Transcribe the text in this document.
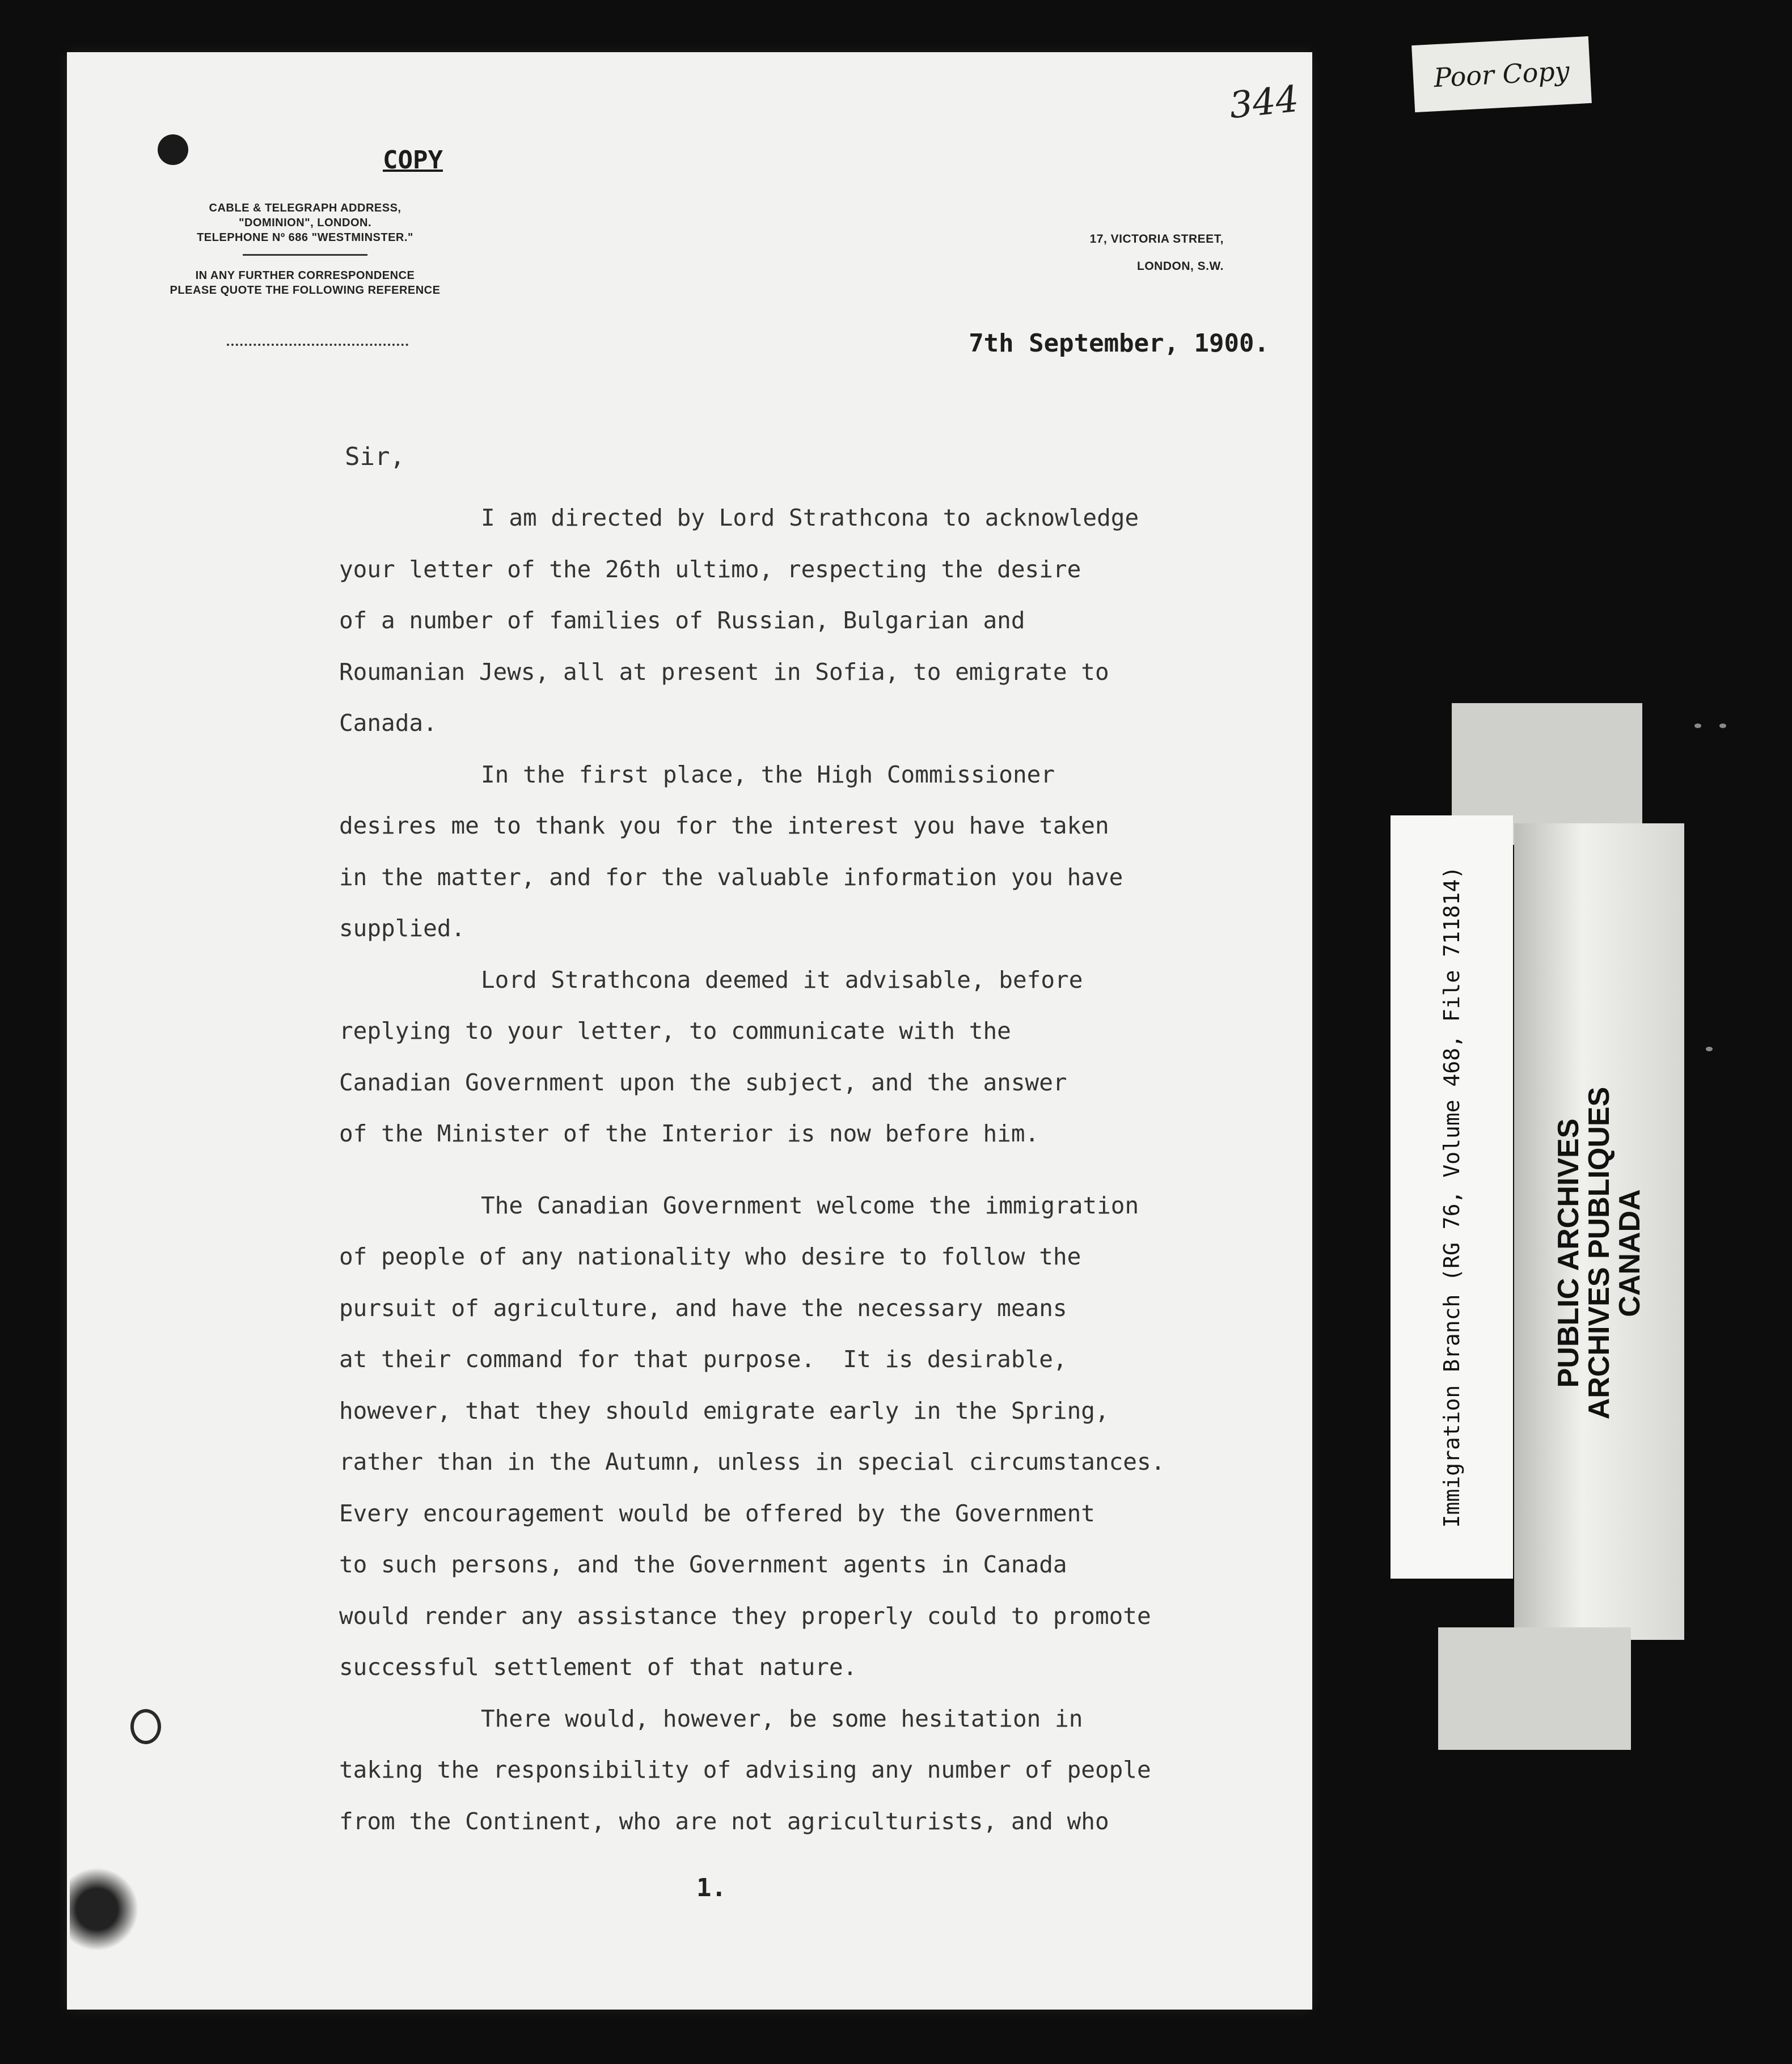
344
COPY
CABLE & TELEGRAPH ADDRESS,
"DOMINION", LONDON.
TELEPHONE Nº 686 "WESTMINSTER."
IN ANY FURTHER CORRESPONDENCE
PLEASE QUOTE THE FOLLOWING REFERENCE
17, VICTORIA STREET,
LONDON, S.W.
7th September, 1900.
Sir,
I am directed by Lord Strathcona to acknowledge
your letter of the 26th ultimo, respecting the desire
of a number of families of Russian, Bulgarian and
Roumanian Jews, all at present in Sofia, to emigrate to
Canada.
In the first place, the High Commissioner
desires me to thank you for the interest you have taken
in the matter, and for the valuable information you have
supplied.
Lord Strathcona deemed it advisable, before
replying to your letter, to communicate with the
Canadian Government upon the subject, and the answer
of the Minister of the Interior is now before him.
The Canadian Government welcome the immigration
of people of any nationality who desire to follow the
pursuit of agriculture, and have the necessary means
at their command for that purpose.  It is desirable,
however, that they should emigrate early in the Spring,
rather than in the Autumn, unless in special circumstances.
Every encouragement would be offered by the Government
to such persons, and the Government agents in Canada
would render any assistance they properly could to promote
successful settlement of that nature.
There would, however, be some hesitation in
taking the responsibility of advising any number of people
from the Continent, who are not agriculturists, and who
1.
Poor Copy
Immigration Branch (RG 76, Volume 468, File 711814)	PUBLIC ARCHIVES
ARCHIVES PUBLIQUES
CANADA
